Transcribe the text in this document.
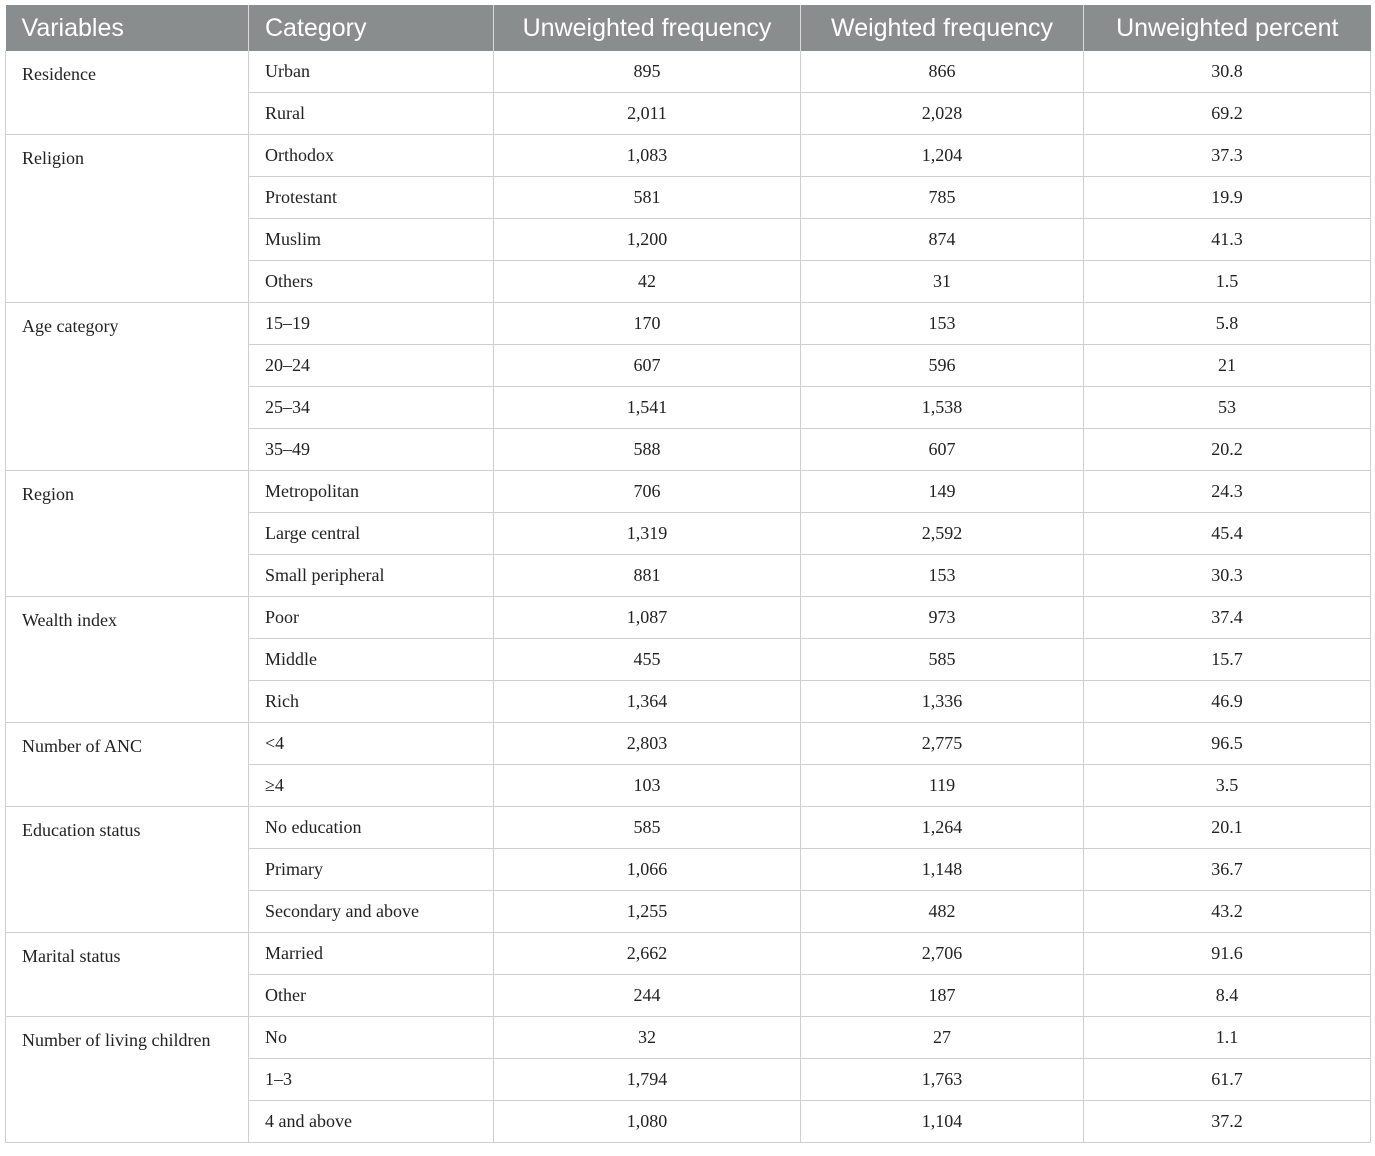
Variables	Category	Unweighted frequency	Weighted frequency	Unweighted percent
Residence	Urban	895	866	30.8
	Rural	2,011	2,028	69.2
Religion	Orthodox	1,083	1,204	37.3
	Protestant	581	785	19.9
	Muslim	1,200	874	41.3
	Others	42	31	1.5
Age category	15–19	170	153	5.8
	20–24	607	596	21
	25–34	1,541	1,538	53
	35–49	588	607	20.2
Region	Metropolitan	706	149	24.3
	Large central	1,319	2,592	45.4
	Small peripheral	881	153	30.3
Wealth index	Poor	1,087	973	37.4
	Middle	455	585	15.7
	Rich	1,364	1,336	46.9
Number of ANC	<4	2,803	2,775	96.5
	≥4	103	119	3.5
Education status	No education	585	1,264	20.1
	Primary	1,066	1,148	36.7
	Secondary and above	1,255	482	43.2
Marital status	Married	2,662	2,706	91.6
	Other	244	187	8.4
Number of living children	No	32	27	1.1
	1–3	1,794	1,763	61.7
	4 and above	1,080	1,104	37.2
